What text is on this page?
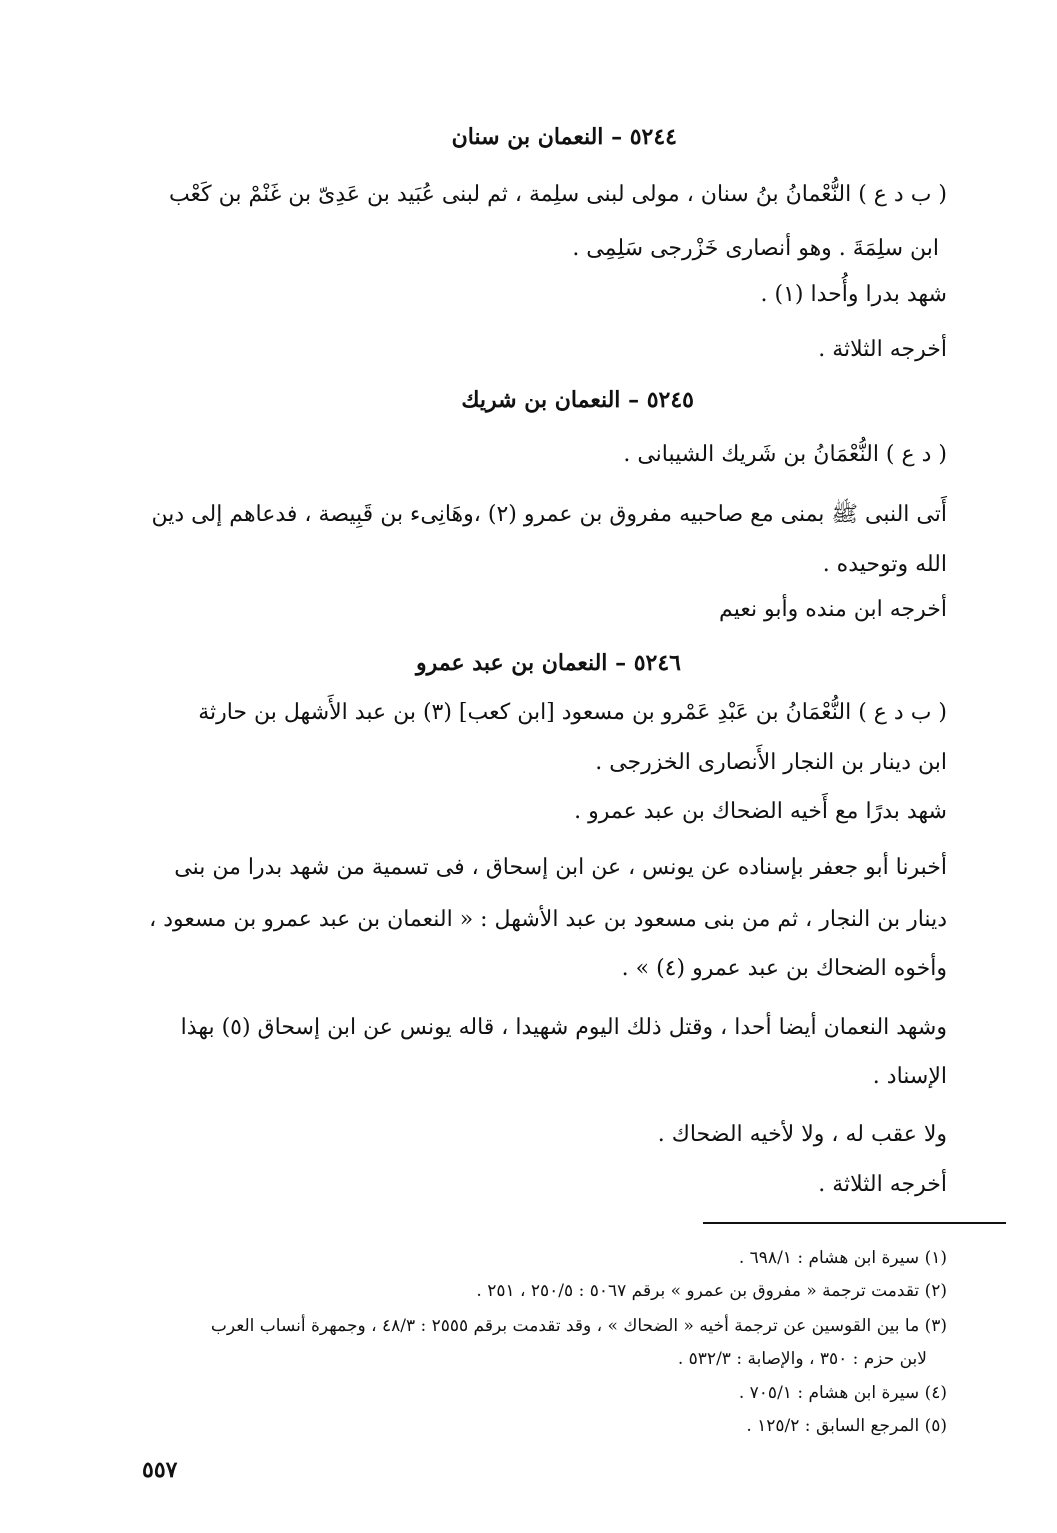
٥٢٤٤ – النعمان بن سنان
( ب د ع ) النُّعْمانُ بنُ سنان ، مولى لبنى سلِمة ، ثم لبنى عُبَيد بن عَدِىّ بن غَنْمْ بن كَعْب
ابن سلِمَةَ . وهو أنصارى خَزْرجى سَلِمِى .
شهد بدرا وأُحدا (١) .
أخرجه الثلاثة .
٥٢٤٥ – النعمان بن شريك
( د ع ) النُّعْمَانُ بن شَريك الشيبانى .
أَتى النبى ﷺ بمنى مع صاحبيه مفروق بن عمرو (٢) ،وهَانِىء بن قَبِيصة ، فدعاهم إلى دين
الله وتوحيده .
أخرجه ابن منده وأبو نعيم
٥٢٤٦ – النعمان بن عبد عمرو
( ب د ع ) النُّعْمَانُ بن عَبْدِ عَمْرو بن مسعود [ابن كعب] (٣) بن عبد الأَشهل بن حارثة
ابن دينار بن النجار الأَنصارى الخزرجى .
شهد بدرًا مع أَخيه الضحاك بن عبد عمرو .
أخبرنا أبو جعفر بإسناده عن يونس ، عن ابن إسحاق ، فى تسمية من شهد بدرا من بنى
دينار بن النجار ، ثم من بنى مسعود بن عبد الأشهل : « النعمان بن عبد عمرو بن مسعود ،
وأخوه الضحاك بن عبد عمرو (٤) » .
وشهد النعمان أيضا أحدا ، وقتل ذلك اليوم شهيدا ، قاله يونس عن ابن إسحاق (٥) بهذا
الإسناد .
ولا عقب له ، ولا لأخيه الضحاك .
أخرجه الثلاثة .
(١) سيرة ابن هشام : ٦٩٨/١ .
(٢) تقدمت ترجمة « مفروق بن عمرو » برقم ٥٠٦٧ : ٢٥٠/٥ ، ٢٥١ .
(٣) ما بين القوسين عن ترجمة أخيه « الضحاك » ، وقد تقدمت برقم ٢٥٥٥ : ٤٨/٣ ، وجمهرة أنساب العرب
لابن حزم : ٣٥٠ ، والإصابة : ٥٣٢/٣ .
(٤) سيرة ابن هشام : ٧٠٥/١ .
(٥) المرجع السابق : ١٢٥/٢ .
٥٥٧
